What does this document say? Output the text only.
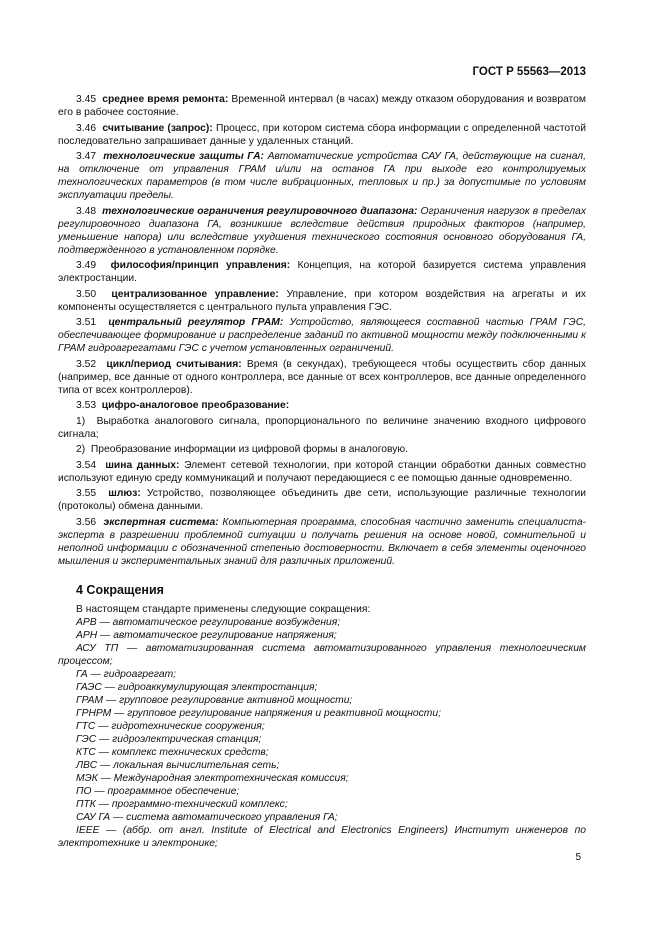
ГОСТ Р 55563—2013

3.45 среднее время ремонта: Временной интервал (в часах) между отказом оборудования и возвратом его в рабочее состояние.

3.46 считывание (запрос): Процесс, при котором система сбора информации с определенной частотой последовательно запрашивает данные у удаленных станций.

3.47 технологические защиты ГА: Автоматические устройства САУ ГА, действующие на сигнал, на отключение от управления ГРАМ и/или на останов ГА при выходе его контролируемых технологических параметров (в том числе вибрационных, тепловых и пр.) за допустимые по условиям эксплуатации пределы.

3.48 технологические ограничения регулировочного диапазона: Ограничения нагрузок в пределах регулировочного диапазона ГА, возникшие вследствие действия природных факторов (например, уменьшение напора) или вследствие ухудшения технического состояния основного оборудования ГА, подтвержденного в установленном порядке.

3.49 философия/принцип управления: Концепция, на которой базируется система управления электростанции.

3.50 централизованное управление: Управление, при котором воздействия на агрегаты и их компоненты осуществляется с центрального пульта управления ГЭС.

3.51 центральный регулятор ГРАМ: Устройство, являющееся составной частью ГРАМ ГЭС, обеспечивающее формирование и распределение заданий по активной мощности между подключенными к ГРАМ гидроагрегатами ГЭС с учетом установленных ограничений.

3.52 цикл/период считывания: Время (в секундах), требующееся чтобы осуществить сбор данных (например, все данные от одного контроллера, все данные от всех контроллеров, все данные определенного типа от всех контроллеров).

3.53 цифро-аналоговое преобразование:

1) Выработка аналогового сигнала, пропорционального по величине значению входного цифрового сигнала;

2) Преобразование информации из цифровой формы в аналоговую.

3.54 шина данных: Элемент сетевой технологии, при которой станции обработки данных совместно используют единую среду коммуникаций и получают передающиеся с ее помощью данные одновременно.

3.55 шлюз: Устройство, позволяющее объединить две сети, использующие различные технологии (протоколы) обмена данными.

3.56 экспертная система: Компьютерная программа, способная частично заменить специалиста-эксперта в разрешении проблемной ситуации и получать решения на основе новой, сомнительной и неполной информации с обозначенной степенью достоверности. Включает в себя элементы оценочного мышления и экспериментальных знаний для различных приложений.

4 Сокращения

В настоящем стандарте применены следующие сокращения:

АРВ — автоматическое регулирование возбуждения;

АРН — автоматическое регулирование напряжения;

АСУ ТП — автоматизированная система автоматизированного управления технологическим процессом;

ГА — гидроагрегат;

ГАЭС — гидроаккумулирующая электростанция;

ГРАМ — групповое регулирование активной мощности;

ГРНРМ — групповое регулирование напряжения и реактивной мощности;

ГТС — гидротехнические сооружения;

ГЭС — гидроэлектрическая станция;

КТС — комплекс технических средств;

ЛВС — локальная вычислительная сеть;

МЭК — Международная электротехническая комиссия;

ПО — программное обеспечение;

ПТК — программно-технический комплекс;

САУ ГА — система автоматического управления ГА;

IEEE — (аббр. от англ. Institute of Electrical and Electronics Engineers) Институт инженеров по электротехнике и электронике;

5
